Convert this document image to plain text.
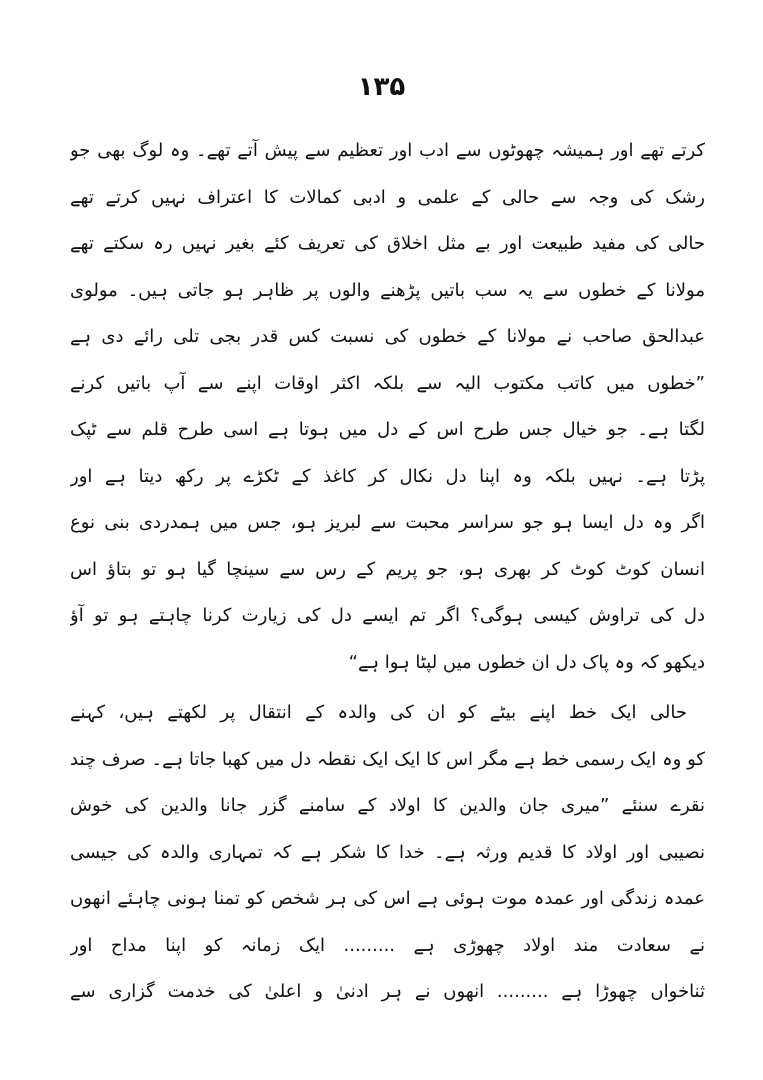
۱۳۵
کرتے تھے اور ہمیشہ چھوٹوں سے ادب اور تعظیم سے پیش آتے تھے۔ وہ لوگ بھی جو
رشک کی وجہ سے حالی کے علمی و ادبی کمالات کا اعتراف نہیں کرتے تھے
حالی کی مفید طبیعت اور بے مثل اخلاق کی تعریف کئے بغیر نہیں رہ سکتے تھے
مولانا کے خطوں سے یہ سب باتیں پڑھنے والوں پر ظاہر ہو جاتی ہیں۔ مولوی
عبدالحق صاحب نے مولانا کے خطوں کی نسبت کس قدر بجی تلی رائے دی ہے
”خطوں میں کاتب مکتوب الیہ سے بلکہ اکثر اوقات اپنے سے آپ باتیں کرنے
لگتا ہے۔ جو خیال جس طرح اس کے دل میں ہوتا ہے اسی طرح قلم سے ٹپک
پڑتا ہے۔ نہیں بلکہ وہ اپنا دل نکال کر کاغذ کے ٹکڑے پر رکھ دیتا ہے اور
اگر وہ دل ایسا ہو جو سراسر محبت سے لبریز ہو، جس میں ہمدردی بنی نوع
انسان کوٹ کوٹ کر بھری ہو، جو پریم کے رس سے سینچا گیا ہو تو بتاؤ اس
دل کی تراوش کیسی ہوگی؟ اگر تم ایسے دل کی زیارت کرنا چاہتے ہو تو آؤ
دیکھو کہ وہ پاک دل ان خطوں میں لپٹا ہوا ہے“
حالی ایک خط اپنے بیٹے کو ان کی والدہ کے انتقال پر لکھتے ہیں، کہنے
کو وہ ایک رسمی خط ہے مگر اس کا ایک ایک نقطہ دل میں کھبا جاتا ہے۔ صرف چند
نقرے سنئے ”میری جان والدین کا اولاد کے سامنے گزر جانا والدین کی خوش
نصیبی اور اولاد کا قدیم ورثہ ہے۔ خدا کا شکر ہے کہ تمہاری والدہ کی جیسی
عمدہ زندگی اور عمدہ موت ہوئی ہے اس کی ہر شخص کو تمنا ہونی چاہئے انھوں
نے سعادت مند اولاد چھوڑی ہے ......... ایک زمانہ کو اپنا مداح اور
ثناخواں چھوڑا ہے ......... انھوں نے ہر ادنیٰ و اعلیٰ کی خدمت گزاری سے
